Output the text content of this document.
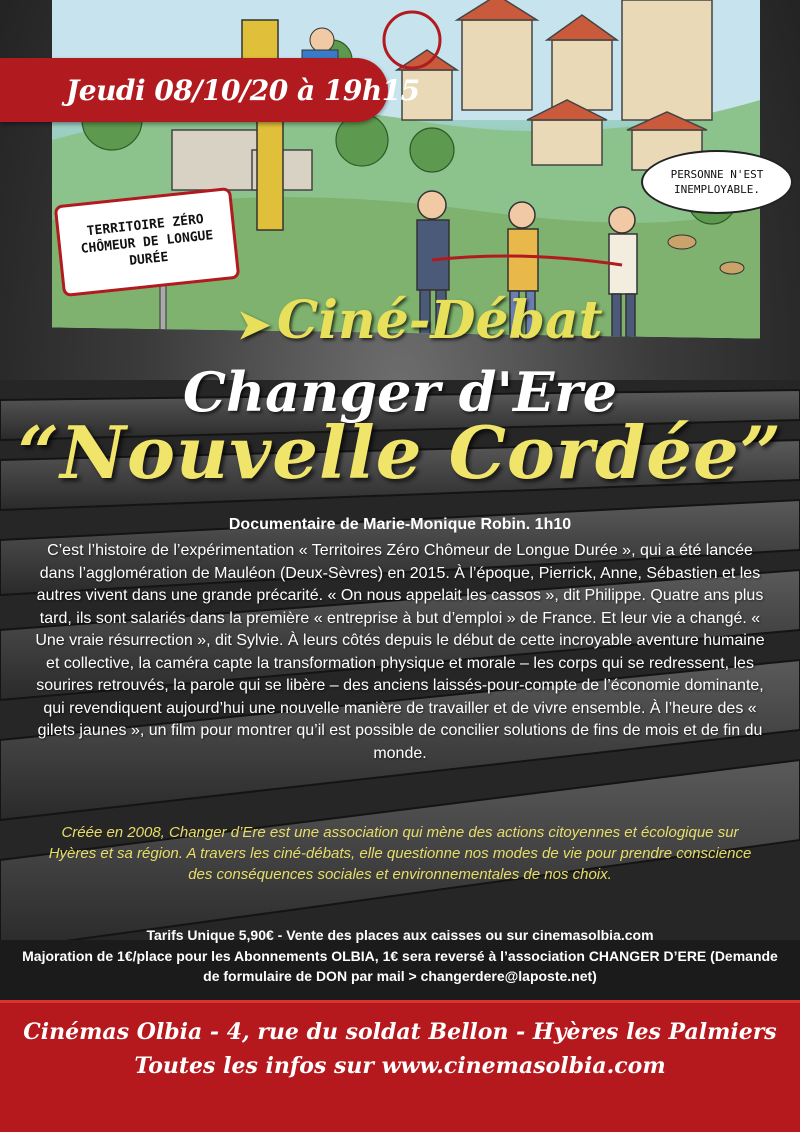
PERSONNE N'EST INEMPLOYABLE.
TERRITOIRE ZÉRO CHÔMEUR DE LONGUE DURÉE
Jeudi 08/10/20 à 19h15
➤ Ciné-Débat
Changer d'Ere
“Nouvelle Cordée”
Documentaire de Marie-Monique Robin. 1h10
C’est l’histoire de l’expérimentation « Territoires Zéro Chômeur de Longue Durée », qui a été lancée dans l’agglomération de Mauléon (Deux-Sèvres) en 2015. À l’époque, Pierrick, Anne, Sébastien et les autres vivent dans une grande précarité. « On nous appelait les cassos », dit Philippe. Quatre ans plus tard, ils sont salariés dans la première « entreprise à but d’emploi » de France. Et leur vie a changé. « Une vraie résurrection », dit Sylvie. À leurs côtés depuis le début de cette incroyable aventure humaine et collective, la caméra capte la transformation physique et morale – les corps qui se redressent, les sourires retrouvés, la parole qui se libère – des anciens laissés-pour-compte de l’économie dominante, qui revendiquent aujourd’hui une nouvelle manière de travailler et de vivre ensemble. À l’heure des « gilets jaunes », un film pour montrer qu’il est possible de concilier solutions de fins de mois et de fin du monde.
Créée en 2008, Changer d’Ere est une association qui mène des actions citoyennes et écologique sur Hyères et sa région. A travers les ciné-débats, elle questionne nos modes de vie pour prendre conscience des conséquences sociales et environnementales de nos choix.
Tarifs Unique 5,90€ - Vente des places aux caisses ou sur cinemasolbia.com
Majoration de 1€/place pour les Abonnements OLBIA, 1€ sera reversé à l’association CHANGER D’ERE (Demande de formulaire de DON par mail > changerdere@laposte.net)
Cinémas Olbia - 4, rue du soldat Bellon - Hyères les Palmiers
Toutes les infos sur www.cinemasolbia.com
